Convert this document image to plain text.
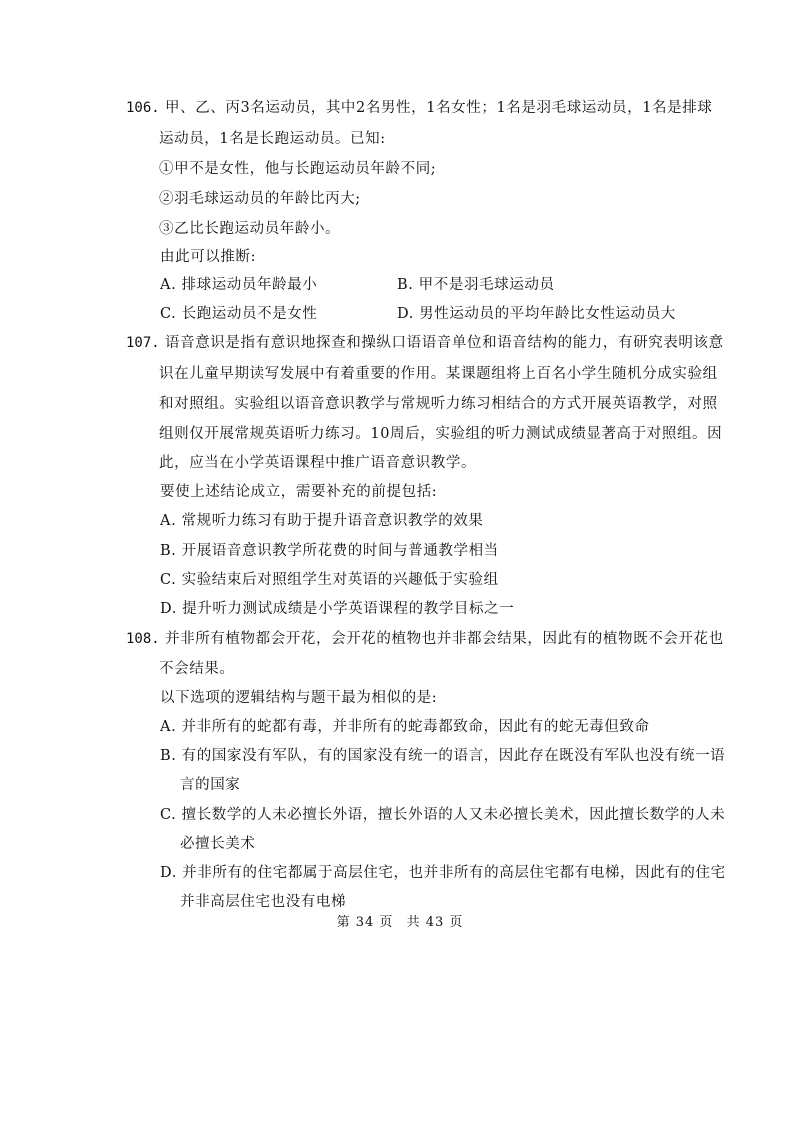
106. 甲、乙、丙3名运动员，其中2名男性，1名女性；1名是羽毛球运动员，1名是排球
运动员，1名是长跑运动员。已知:
①甲不是女性，他与长跑运动员年龄不同;
②羽毛球运动员的年龄比丙大;
③乙比长跑运动员年龄小。
由此可以推断:
A. 排球运动员年龄最小	B. 甲不是羽毛球运动员
C. 长跑运动员不是女性	D. 男性运动员的平均年龄比女性运动员大
107. 语音意识是指有意识地探查和操纵口语语音单位和语音结构的能力，有研究表明该意
识在儿童早期读写发展中有着重要的作用。某课题组将上百名小学生随机分成实验组
和对照组。实验组以语音意识教学与常规听力练习相结合的方式开展英语教学，对照
组则仅开展常规英语听力练习。10周后，实验组的听力测试成绩显著高于对照组。因
此，应当在小学英语课程中推广语音意识教学。
要使上述结论成立，需要补充的前提包括:
A. 常规听力练习有助于提升语音意识教学的效果
B. 开展语音意识教学所花费的时间与普通教学相当
C. 实验结束后对照组学生对英语的兴趣低于实验组
D. 提升听力测试成绩是小学英语课程的教学目标之一
108. 并非所有植物都会开花，会开花的植物也并非都会结果，因此有的植物既不会开花也
不会结果。
以下选项的逻辑结构与题干最为相似的是:
A. 并非所有的蛇都有毒，并非所有的蛇毒都致命，因此有的蛇无毒但致命
B. 有的国家没有军队，有的国家没有统一的语言，因此存在既没有军队也没有统一语
言的国家
C. 擅长数学的人未必擅长外语，擅长外语的人又未必擅长美术，因此擅长数学的人未
必擅长美术
D. 并非所有的住宅都属于高层住宅，也并非所有的高层住宅都有电梯，因此有的住宅
并非高层住宅也没有电梯
第 34 页 共 43 页
